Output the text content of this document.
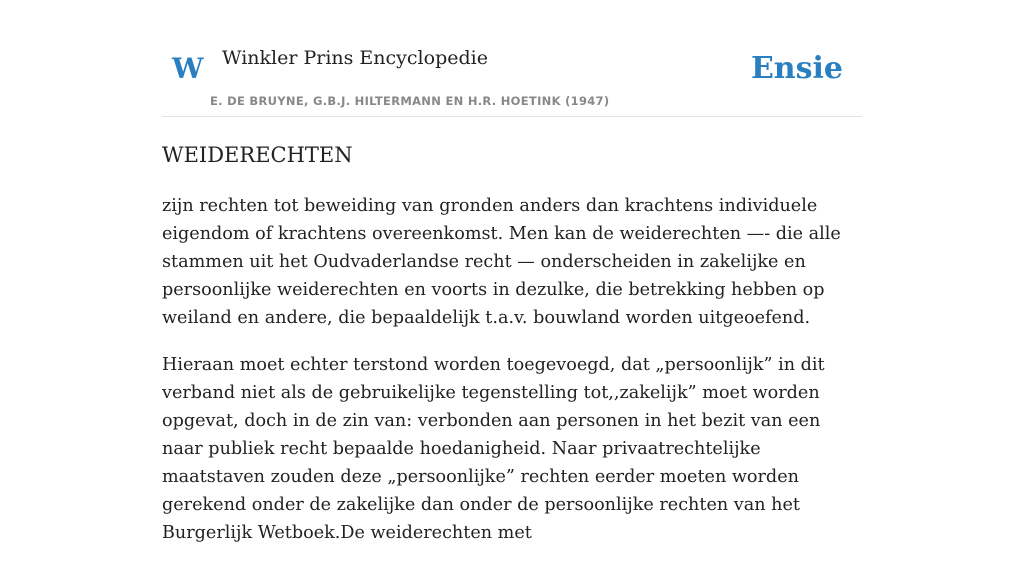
W Winkler Prins Encyclopedie
E. DE BRUYNE, G.B.J. HILTERMANN EN H.R. HOETINK (1947)
Ensie
WEIDERECHTEN

zijn rechten tot beweiding van gronden anders dan krachtens individuele eigendom of krachtens overeenkomst. Men kan de weiderechten —- die alle stammen uit het Oudvaderlandse recht — onderscheiden in zakelijke en persoonlijke weiderechten en voorts in dezulke, die betrekking hebben op weiland en andere, die bepaaldelijk t.a.v. bouwland worden uitgeoefend.

Hieraan moet echter terstond worden toegevoegd, dat „persoonlijk” in dit verband niet als de gebruikelijke tegenstelling tot,,zakelijk” moet worden opgevat, doch in de zin van: verbonden aan personen in het bezit van een naar publiek recht bepaalde hoedanigheid. Naar privaatrechtelijke maatstaven zouden deze „persoonlijke” rechten eerder moeten worden gerekend onder de zakelijke dan onder de persoonlijke rechten van het Burgerlijk Wetboek.De weiderechten met
